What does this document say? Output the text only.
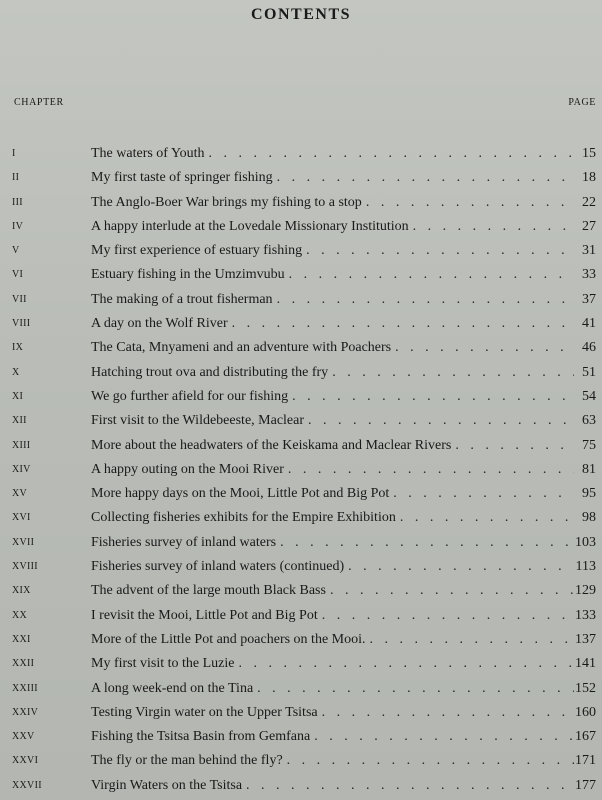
CONTENTS
CHAPTER	PAGE
I	The waters of Youth . . .	15
II	My first taste of springer fishing . . .	18
III	The Anglo-Boer War brings my fishing to a stop . . .	22
IV	A happy interlude at the Lovedale Missionary Institution . . .	27
V	My first experience of estuary fishing . . .	31
VI	Estuary fishing in the Umzimvubu . . .	33
VII	The making of a trout fisherman . . .	37
VIII	A day on the Wolf River . . .	41
IX	The Cata, Mnyameni and an adventure with Poachers . . .	46
X	Hatching trout ova and distributing the fry . . .	51
XI	We go further afield for our fishing . . .	54
XII	First visit to the Wildebeeste, Maclear . . .	63
XIII	More about the headwaters of the Keiskama and Maclear Rivers . . .	75
XIV	A happy outing on the Mooi River . . .	81
XV	More happy days on the Mooi, Little Pot and Big Pot . . .	95
XVI	Collecting fisheries exhibits for the Empire Exhibition . . .	98
XVII	Fisheries survey of inland waters . . .	103
XVIII	Fisheries survey of inland waters (continued) . . .	113
XIX	The advent of the large mouth Black Bass . . .	129
XX	I revisit the Mooi, Little Pot and Big Pot . . .	133
XXI	More of the Little Pot and poachers on the Mooi. . . .	137
XXII	My first visit to the Luzie . . .	141
XXIII	A long week-end on the Tina . . .	152
XXIV	Testing Virgin water on the Upper Tsitsa . . .	160
XXV	Fishing the Tsitsa Basin from Gemfana . . .	167
XXVI	The fly or the man behind the fly? . . .	171
XXVII	Virgin Waters on the Tsitsa . . .	177
